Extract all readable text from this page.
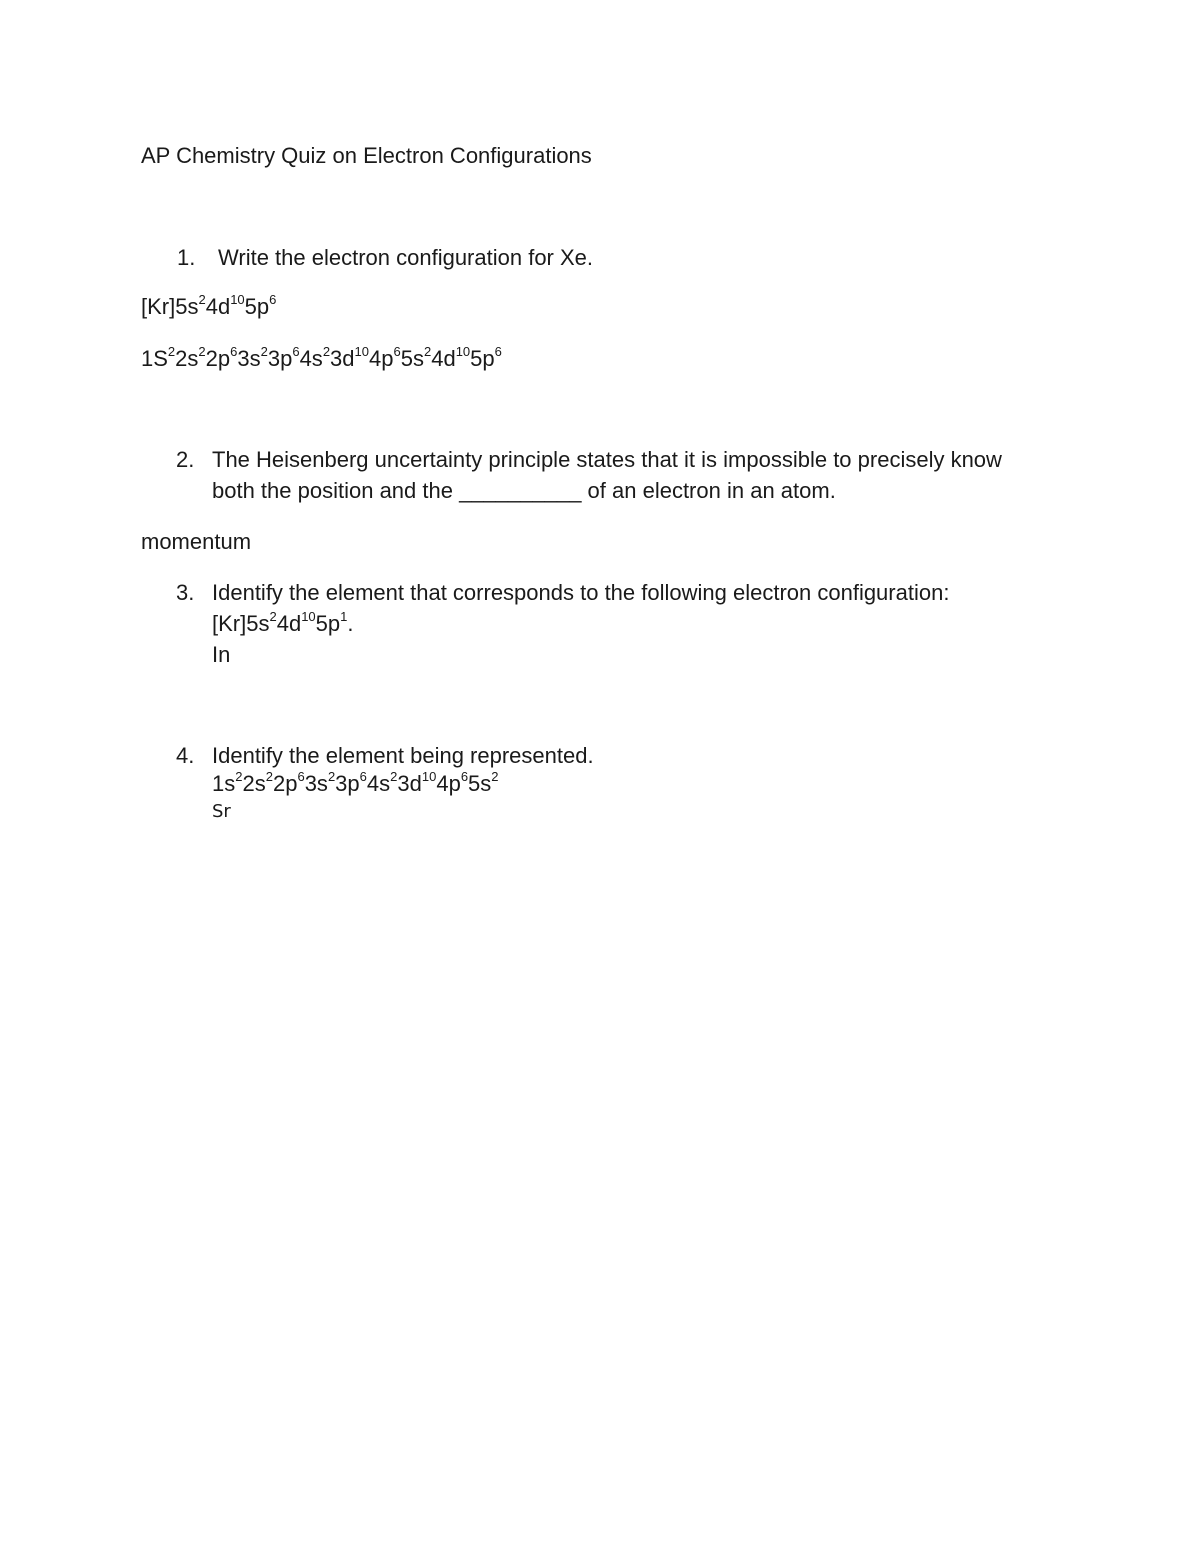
AP Chemistry Quiz on Electron Configurations
1. Write the electron configuration for Xe.
$[Kr]5s^24d^{10}5p^6$
$1S^22s^22p^63s^23p^64s^23d^{10}4p^65s^24d^{10}5p^6$
2. The Heisenberg uncertainty principle states that it is impossible to precisely know
both the position and the __________ of an electron in an atom.
momentum
3. Identify the element that corresponds to the following electron configuration:
$[Kr]5s^24d^{10}5p^1$.
In
4. Identify the element being represented.
$1s^22s^22p^63s^23p^64s^23d^{10}4p^65s^2$
Sr
